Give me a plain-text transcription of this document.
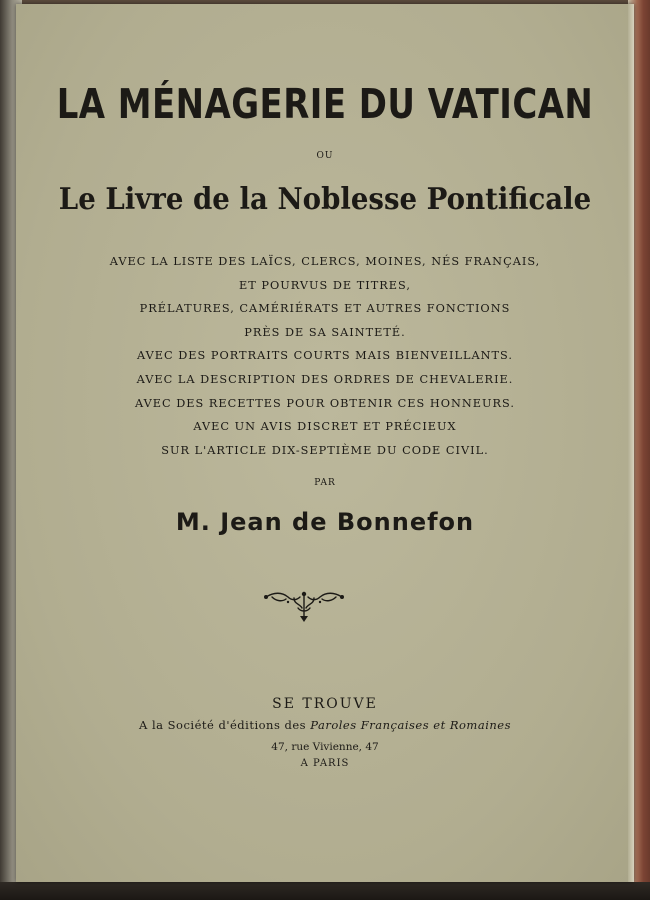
LA MÉNAGERIE DU VATICAN
OU
Le Livre de la Noblesse Pontificale
AVEC LA LISTE DES LAÏCS, CLERCS, MOINES, NÉS FRANÇAIS,
ET POURVUS DE TITRES,
PRÉLATURES, CAMÉRIÉRATS ET AUTRES FONCTIONS
PRÈS DE SA SAINTETÉ.
AVEC DES PORTRAITS COURTS MAIS BIENVEILLANTS.
AVEC LA DESCRIPTION DES ORDRES DE CHEVALERIE.
AVEC DES RECETTES POUR OBTENIR CES HONNEURS.
AVEC UN AVIS DISCRET ET PRÉCIEUX
SUR L'ARTICLE DIX-SEPTIÈME DU CODE CIVIL.
PAR
M. Jean de Bonnefon
SE TROUVE
A la Société d'éditions des Paroles Françaises et Romaines
47, rue Vivienne, 47
A PARIS
